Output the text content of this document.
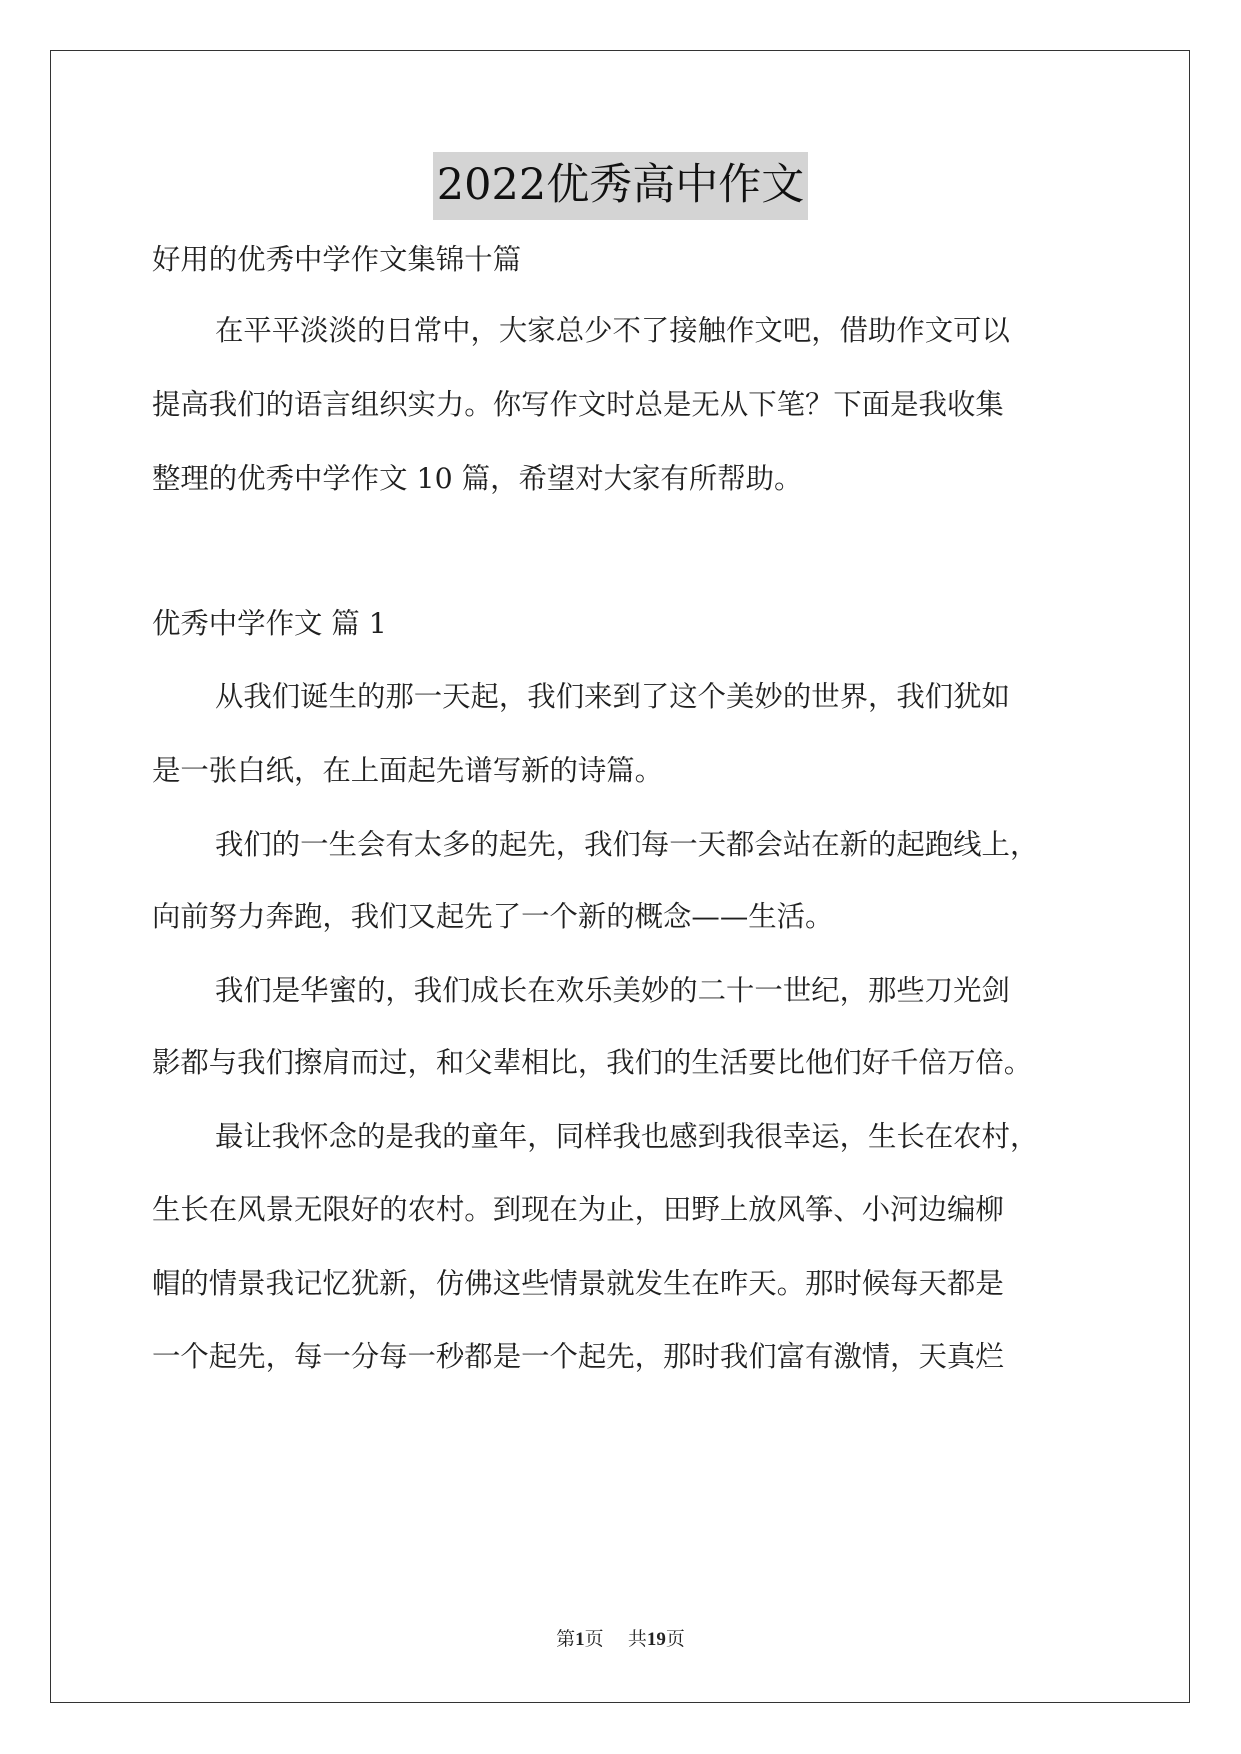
2022优秀高中作文
好用的优秀中学作文集锦十篇
在平平淡淡的日常中，大家总少不了接触作文吧，借助作文可以
提高我们的语言组织实力。你写作文时总是无从下笔？下面是我收集
整理的优秀中学作文 10 篇，希望对大家有所帮助。
优秀中学作文 篇 1
从我们诞生的那一天起，我们来到了这个美妙的世界，我们犹如
是一张白纸，在上面起先谱写新的诗篇。
我们的一生会有太多的起先，我们每一天都会站在新的起跑线上，
向前努力奔跑，我们又起先了一个新的概念——生活。
我们是华蜜的，我们成长在欢乐美妙的二十一世纪，那些刀光剑
影都与我们擦肩而过，和父辈相比，我们的生活要比他们好千倍万倍。
最让我怀念的是我的童年，同样我也感到我很幸运，生长在农村，
生长在风景无限好的农村。到现在为止，田野上放风筝、小河边编柳
帽的情景我记忆犹新，仿佛这些情景就发生在昨天。那时候每天都是
一个起先，每一分每一秒都是一个起先，那时我们富有激情，天真烂
第1页 共19页
